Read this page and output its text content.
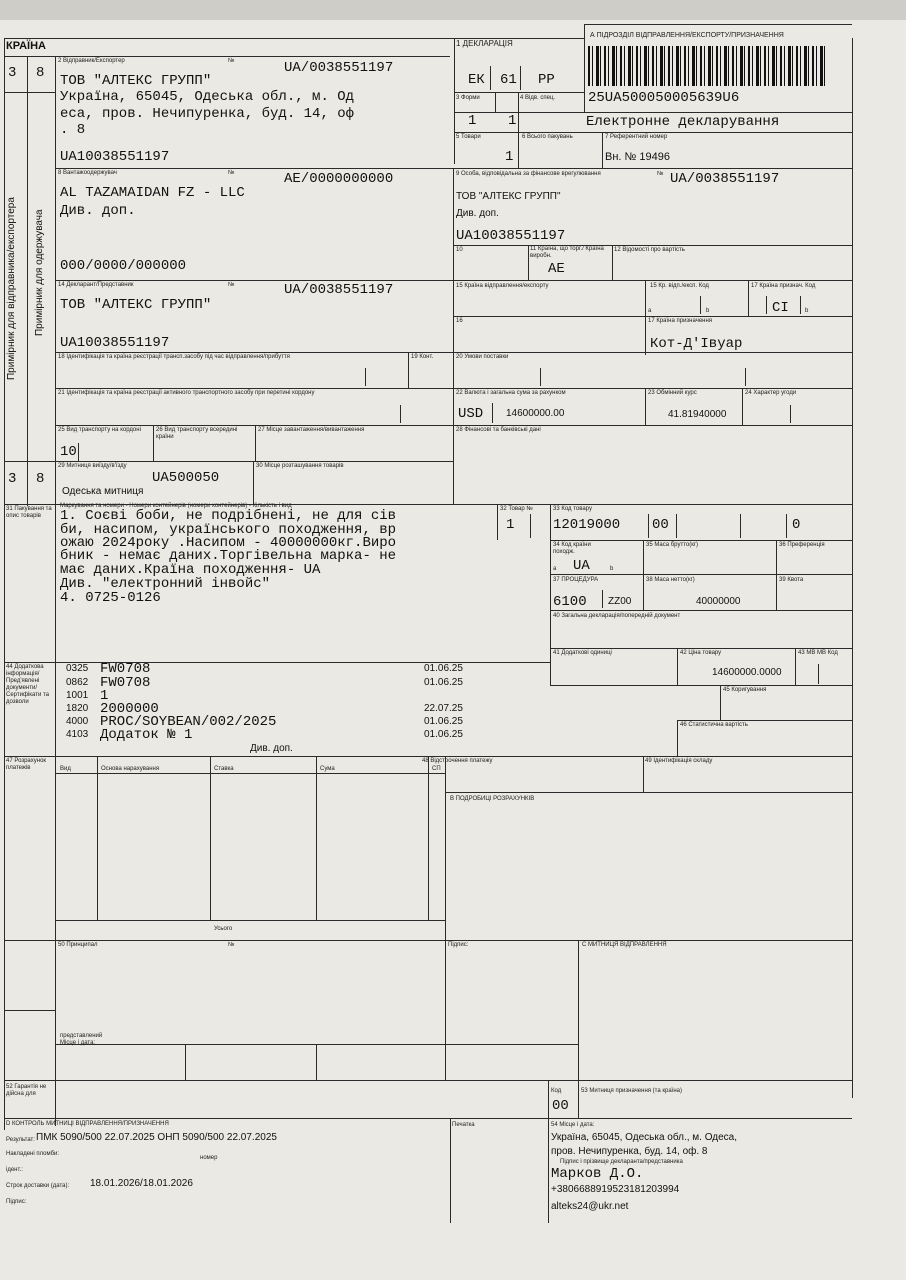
КРАЇНА
3 8
1 ДЕКЛАРАЦІЯ
ЕК 61 РР
А ПІДРОЗДІЛ ВІДПРАВЛЕННЯ/ЕКСПОРТУ/ПРИЗНАЧЕННЯ
25UA500050005639U6
Електронне декларування
2 Відправник/Експортер	№	UA/0038551197
ТОВ "АЛТЕКС ГРУПП"
Україна, 65045, Одеська обл., м. Од
еса, пров. Нечипуренка, буд. 14, оф
. 8
UA10038551197
3 Форми
1 1
4 Відв. спец.
5 Товари
1
6 Всього пакувань	7 Референтний номер
Вн. № 19496
8 Вантажоодержувач	№	AE/0000000000
AL TAZAMAIDAN FZ - LLC
Див. доп.
000/0000/000000
9 Особа, відповідальна за фінансове врегулювання	№ UA/0038551197
ТОВ "АЛТЕКС ГРУПП"
Див. доп.
UA10038551197
10	11 Країна, що торг./ Країна виробн.
AE
12 Відомості про вартість
14 Декларант/Представник	№	UA/0038551197
ТОВ "АЛТЕКС ГРУПП"
UA10038551197
15 Країна відправлення/експорту	15 Кр. відп./експ. Код
a	b
17 Країна признач. Код
CI	b
16	17 Країна призначення
Кот-Д'Івуар
18 Ідентифікація та країна реєстрації трансп.засобу під час відправлення/прибуття	19 Конт.	20 Умови поставки
21 Ідентифікація та країна реєстрації активного транспортного засобу при перетині кордону	22 Валюта і загальна сума за рахунком
USD 14600000.00
23 Обмінний курс
41.81940000
24 Характер угоди
25 Вид транспорту на кордоні	26 Вид транспорту всередині країни
10
27 Місце завантаження/вивантаження	28 Фінансові та банківські дані
3 8
29 Митниця виїзду/в'їзду
UA500050
Одеська митниця
30 Місце розташування товарів
31 Пакування та опис товарів
Маркування та номери - Номери контейнерів (номери контейнерів) - Кількість і вид
1. Соєві боби, не подрібнені, не для сів
би, насипом, українського походження, вр
ожаю 2024року .Насипом - 40000000кг.Виро
бник - немає даних.Торгівельна марка- не
має даних.Країна походження- UA
Див. "електронний інвойс"
4. 0725-0126
32 Товар №
1
33 Код товару
12019000 00	0
34 Код країни походж.
UA
a	b
35 Маса брутто(кг)	36 Преференція
37 ПРОЦЕДУРА
6100 ZZ00
38 Маса нетто(кг)
40000000
39 Квота
40 Загальна декларація/попередній документ
41 Додаткові одиниці	42 Ціна товару
14600000.0000
43 МВ МВ Код
44 Додаткова інформація/ Пред'явлені документи/ Сертифікати та дозволи
0325 FW0708	01.06.25
0862 FW0708	01.06.25
1001 1
1820 2000000	22.07.25
4000 PROC/SOYBEAN/002/2025	01.06.25
4103 Додаток № 1	01.06.25
Див. доп.
45 Коригування
46 Статистична вартість
47 Розрахунок платежів	Вид	Основа нарахування	Ставка	Сума	СП
Усього
48 Відстрочення платежу	49 Ідентифікація складу
В ПОДРОБИЦІ РОЗРАХУНКІВ
50 Принципал	№	Підпис:
представлений
Місце і дата:
С МИТНИЦЯ ВІДПРАВЛЕННЯ
52 Гарантія не дійсна для	Код
00
53 Митниця призначення (та країна)
D КОНТРОЛЬ МИТНИЦІ ВІДПРАВЛЕННЯ/ПРИЗНАЧЕННЯ
Результат: ПМК 5090/500 22.07.2025 ОНП 5090/500 22.07.2025
Накладені пломби:
номер
ідент.:
Строк доставки (дата): 18.01.2026/18.01.2026
Підпис:
Печатка	54 Місце і дата:
Україна, 65045, Одеська обл., м. Одеса,
пров. Нечипуренка, буд. 14, оф. 8
Підпис і прізвище декларанта/представника
Марков Д.О.
+3806688919523181203994
alteks24@ukr.net
Примірник для відправника/експортера Примірник для одержувача
